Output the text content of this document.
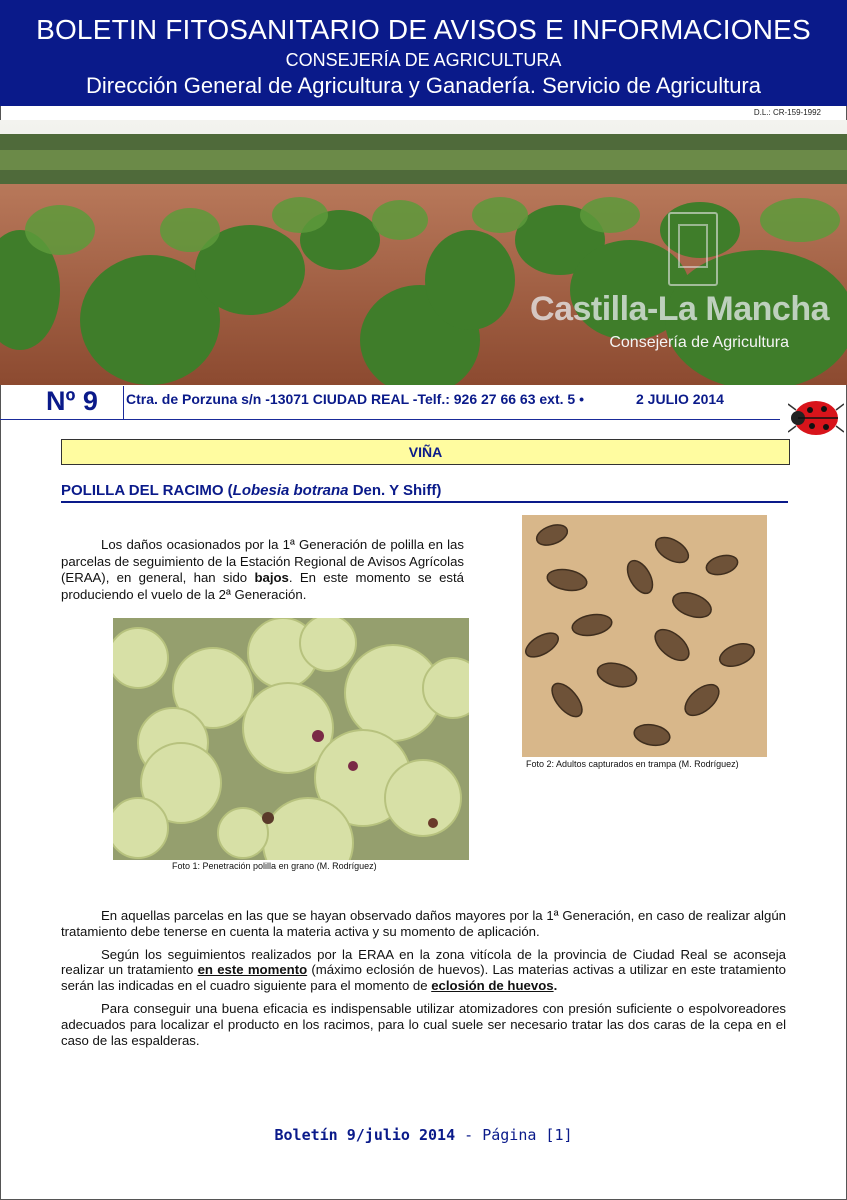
BOLETIN FITOSANITARIO DE AVISOS E INFORMACIONES
CONSEJERÍA DE AGRICULTURA
Dirección General de Agricultura y Ganadería. Servicio de Agricultura
D.L.: CR-159-1992
Castilla-La Mancha
Consejería de Agricultura
Nº 9 Ctra. de Porzuna s/n -13071 CIUDAD REAL -Telf.: 926 27 66 63 ext. 5 •	2 JULIO 2014
VIÑA
POLILLA DEL RACIMO (Lobesia botrana Den. Y Shiff)
Los daños ocasionados por la 1ª Generación de polilla en las parcelas de seguimiento de la Estación Regional de Avisos Agrícolas (ERAA), en general, han sido bajos. En este momento se está produciendo el vuelo de la 2ª Generación.
Foto 1: Penetración polilla en grano (M. Rodríguez)
Foto 2: Adultos capturados en trampa (M. Rodríguez)

En aquellas parcelas en las que se hayan observado daños mayores por la 1ª Generación, en caso de realizar algún tratamiento debe tenerse en cuenta la materia activa y su momento de aplicación.

Según los seguimientos realizados por la ERAA en la zona vitícola de la provincia de Ciudad Real se aconseja realizar un tratamiento en este momento (máximo eclosión de huevos). Las materias activas a utilizar en este tratamiento serán las indicadas en el cuadro siguiente para el momento de eclosión de huevos.

Para conseguir una buena eficacia es indispensable utilizar atomizadores con presión suficiente o espolvoreadores adecuados para localizar el producto en los racimos, para lo cual suele ser necesario tratar las dos caras de la cepa en el caso de las espalderas.

Boletín 9/julio 2014 - Página [1]
